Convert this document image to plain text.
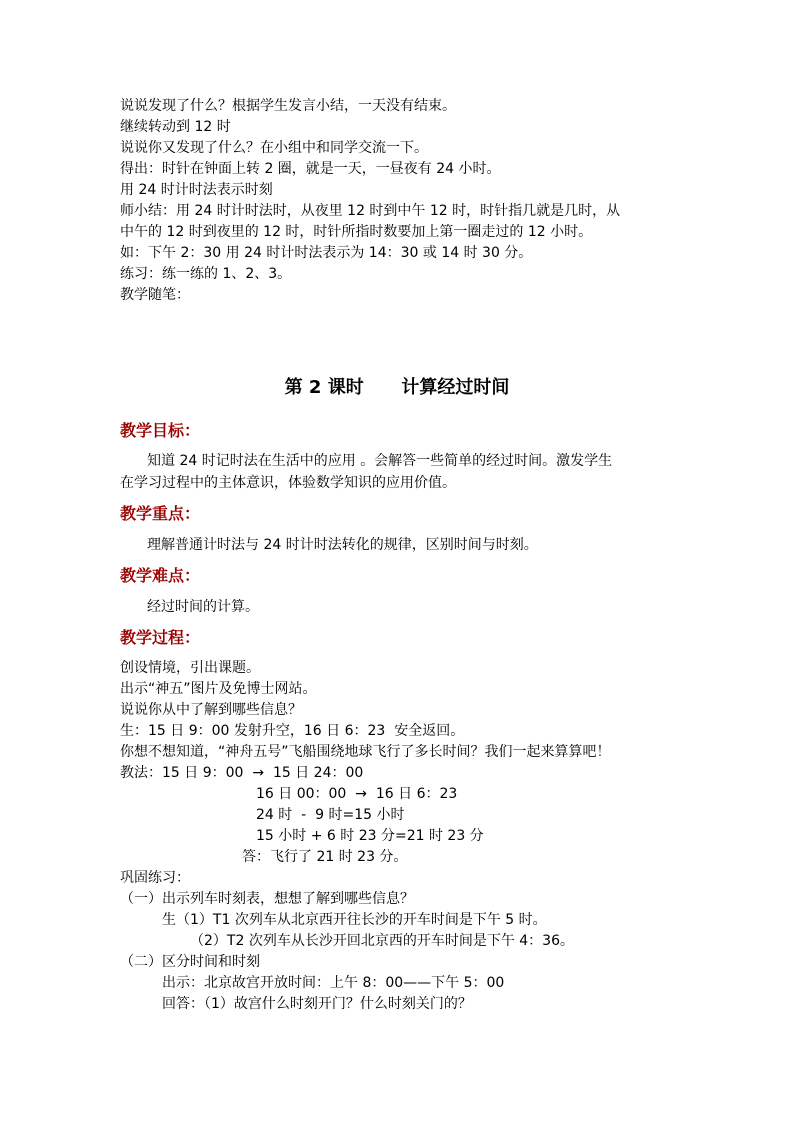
说说发现了什么？根据学生发言小结，一天没有结束。
继续转动到 12 时
说说你又发现了什么？在小组中和同学交流一下。
得出：时针在钟面上转 2 圈，就是一天，一昼夜有 24 小时。
用 24 时计时法表示时刻
师小结：用 24 时计时法时，从夜里 12 时到中午 12 时，时针指几就是几时，从
中午的 12 时到夜里的 12 时，时针所指时数要加上第一圈走过的 12 小时。
如：下午 2：30 用 24 时计时法表示为 14：30 或 14 时 30 分。
练习：练一练的 1、2、3。
教学随笔：
第 2 课时      计算经过时间
教学目标：
知道 24 时记时法在生活中的应用 。会解答一些简单的经过时间。激发学生
在学习过程中的主体意识，体验数学知识的应用价值。
教学重点：
理解普通计时法与 24 时计时法转化的规律，区别时间与时刻。
教学难点：
经过时间的计算。
教学过程：
创设情境，引出课题。
出示“神五”图片及免博士网站。
说说你从中了解到哪些信息？
生：15 日 9：00 发射升空，16 日 6：23  安全返回。
你想不想知道，“神舟五号”飞船围绕地球飞行了多长时间？我们一起来算算吧！
教法：15 日 9：00  →  15 日 24：00
16 日 00：00  →  16 日 6：23
24 时  -  9 时=15 小时
15 小时 + 6 时 23 分=21 时 23 分
答：飞行了 21 时 23 分。
巩固练习：
（一）出示列车时刻表，想想了解到哪些信息？
生（1）T1 次列车从北京西开往长沙的开车时间是下午 5 时。
（2）T2 次列车从长沙开回北京西的开车时间是下午 4：36。
（二）区分时间和时刻
出示：北京故宫开放时间：上午 8：00——下午 5：00
回答：（1）故宫什么时刻开门？什么时刻关门的？
